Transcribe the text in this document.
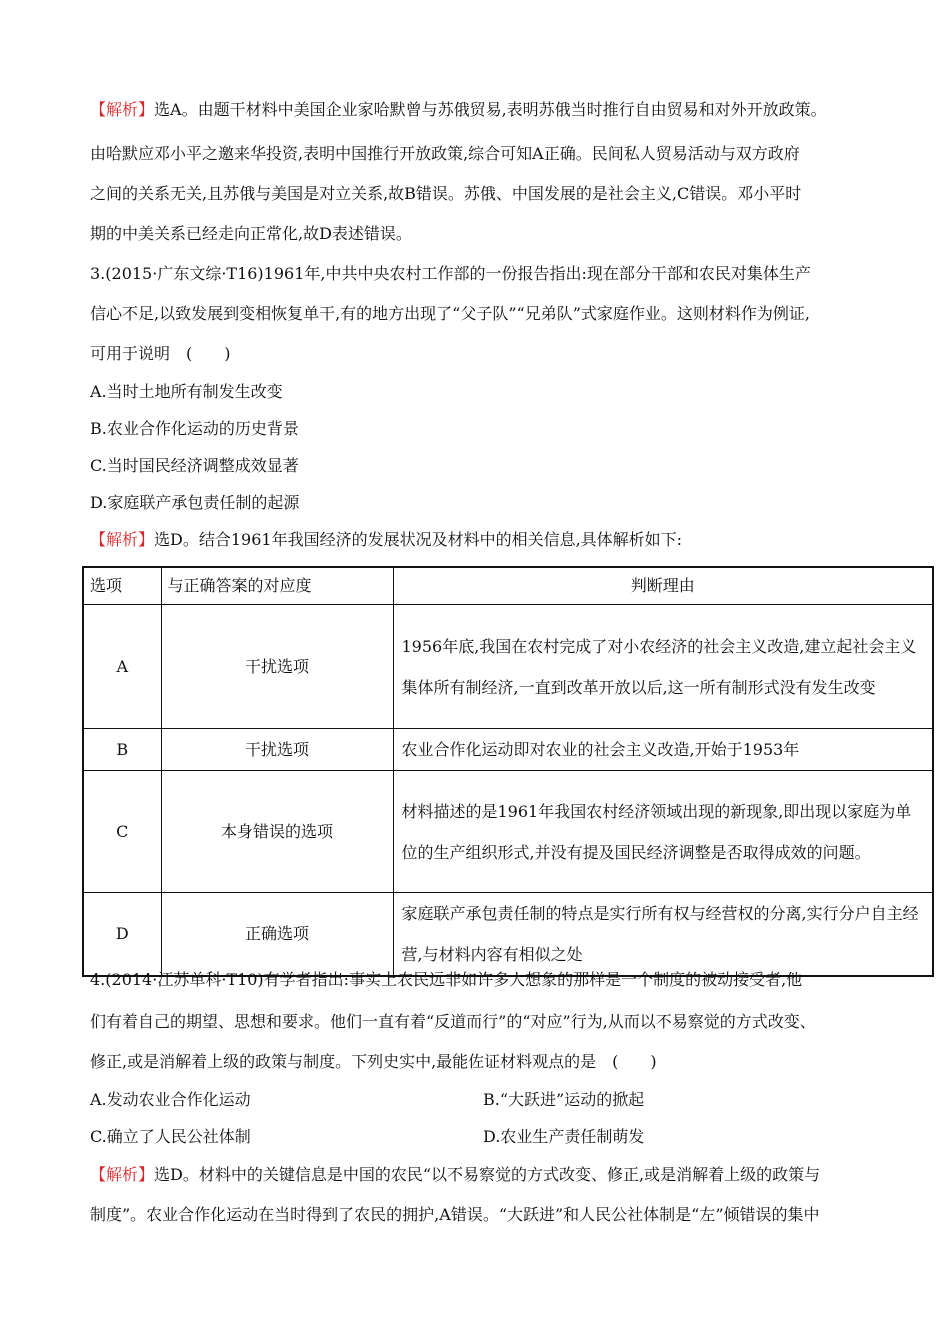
【解析】选A。由题干材料中美国企业家哈默曾与苏俄贸易,表明苏俄当时推行自由贸易和对外开放政策。
由哈默应邓小平之邀来华投资,表明中国推行开放政策,综合可知A正确。民间私人贸易活动与双方政府
之间的关系无关,且苏俄与美国是对立关系,故B错误。苏俄、中国发展的是社会主义,C错误。邓小平时
期的中美关系已经走向正常化,故D表述错误。
3.(2015·广东文综·T16)1961年,中共中央农村工作部的一份报告指出:现在部分干部和农民对集体生产
信心不足,以致发展到变相恢复单干,有的地方出现了“父子队”“兄弟队”式家庭作业。这则材料作为例证,
可用于说明　(　　)
A.当时土地所有制发生改变
B.农业合作化运动的历史背景
C.当时国民经济调整成效显著
D.家庭联产承包责任制的起源
【解析】选D。结合1961年我国经济的发展状况及材料中的相关信息,具体解析如下:
选项	与正确答案的对应度	判断理由
A	干扰选项	1956年底,我国在农村完成了对小农经济的社会主义改造,建立起社会主义集体所有制经济,一直到改革开放以后,这一所有制形式没有发生改变
B	干扰选项	农业合作化运动即对农业的社会主义改造,开始于1953年
C	本身错误的选项	材料描述的是1961年我国农村经济领域出现的新现象,即出现以家庭为单位的生产组织形式,并没有提及国民经济调整是否取得成效的问题。
D	正确选项	家庭联产承包责任制的特点是实行所有权与经营权的分离,实行分户自主经营,与材料内容有相似之处
4.(2014·江苏单科·T10)有学者指出:事实上农民远非如许多人想象的那样是一个制度的被动接受者,他
们有着自己的期望、思想和要求。他们一直有着“反道而行”的“对应”行为,从而以不易察觉的方式改变、
修正,或是消解着上级的政策与制度。下列史实中,最能佐证材料观点的是　(　　)
A.发动农业合作化运动	B.“大跃进”运动的掀起
C.确立了人民公社体制	D.农业生产责任制萌发
【解析】选D。材料中的关键信息是中国的农民“以不易察觉的方式改变、修正,或是消解着上级的政策与
制度”。农业合作化运动在当时得到了农民的拥护,A错误。“大跃进”和人民公社体制是“左”倾错误的集中
